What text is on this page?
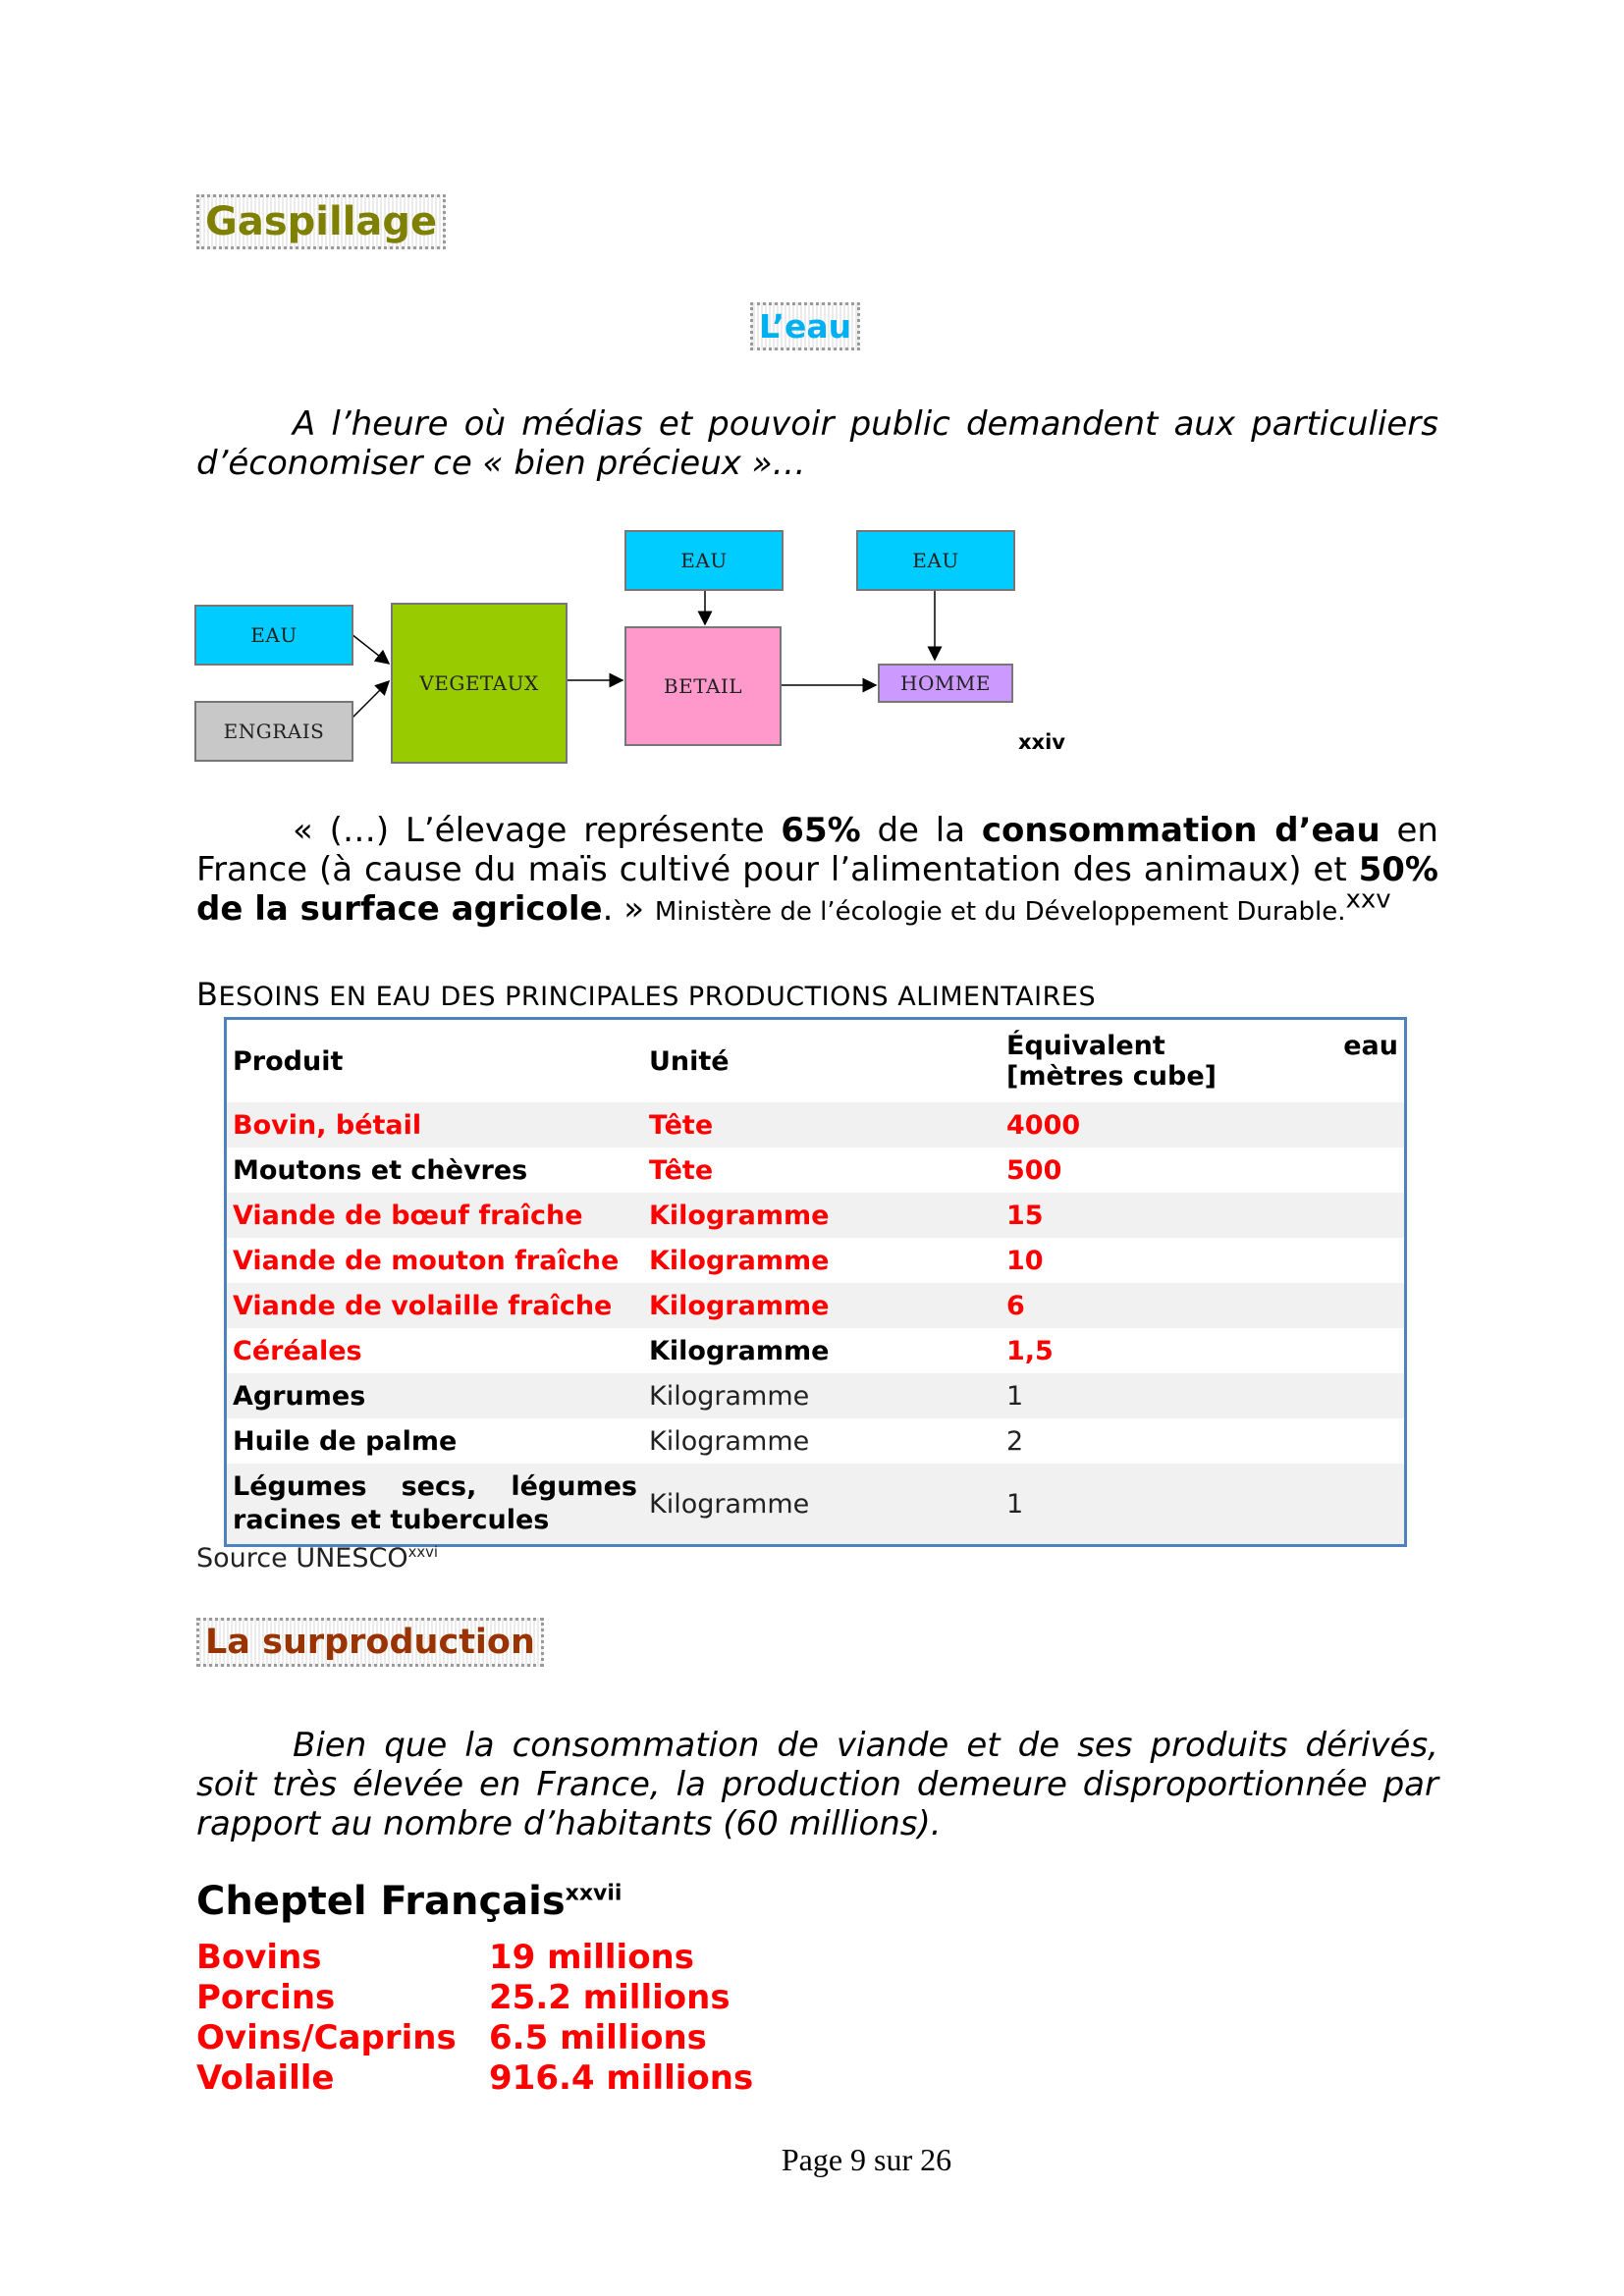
Gaspillage
L’eau

A l’heure où médias et pouvoir public demandent aux particuliers d’économiser ce « bien précieux »…

EAU
ENGRAIS
VEGETAUX
EAU
BETAIL
EAU
HOMME
xxiv

« (…) L’élevage représente 65% de la consommation d’eau en France (à cause du maïs cultivé pour l’alimentation des animaux) et 50% de la surface agricole. » Ministère de l’écologie et du Développement Durable.$^{xxv}$

BESOINS EN EAU DES PRINCIPALES PRODUCTIONS ALIMENTAIRES
Produit	Unité	Équivalent eau
[mètres cube]

Bovin, bétail	Tête	4000
Moutons et chèvres	Tête	500
Viande de bœuf fraîche	Kilogramme	15
Viande de mouton fraîche	Kilogramme	10
Viande de volaille fraîche	Kilogramme	6
Céréales	Kilogramme	1,5
Agrumes	Kilogramme	1
Huile de palme	Kilogramme	2
Légumes secs, légumes racines et tubercules	Kilogramme	1
Source UNESCO$^{xxvi}$
La surproduction

Bien que la consommation de viande et de ses produits dérivés, soit très élevée en France, la production demeure disproportionnée par rapport au nombre d’habitants (60 millions).

Cheptel Français$^{xxvii}$
Bovins	19 millions
Porcins	25.2 millions
Ovins/Caprins 6.5 millions
Volaille	916.4 millions
Page 9 sur 26
